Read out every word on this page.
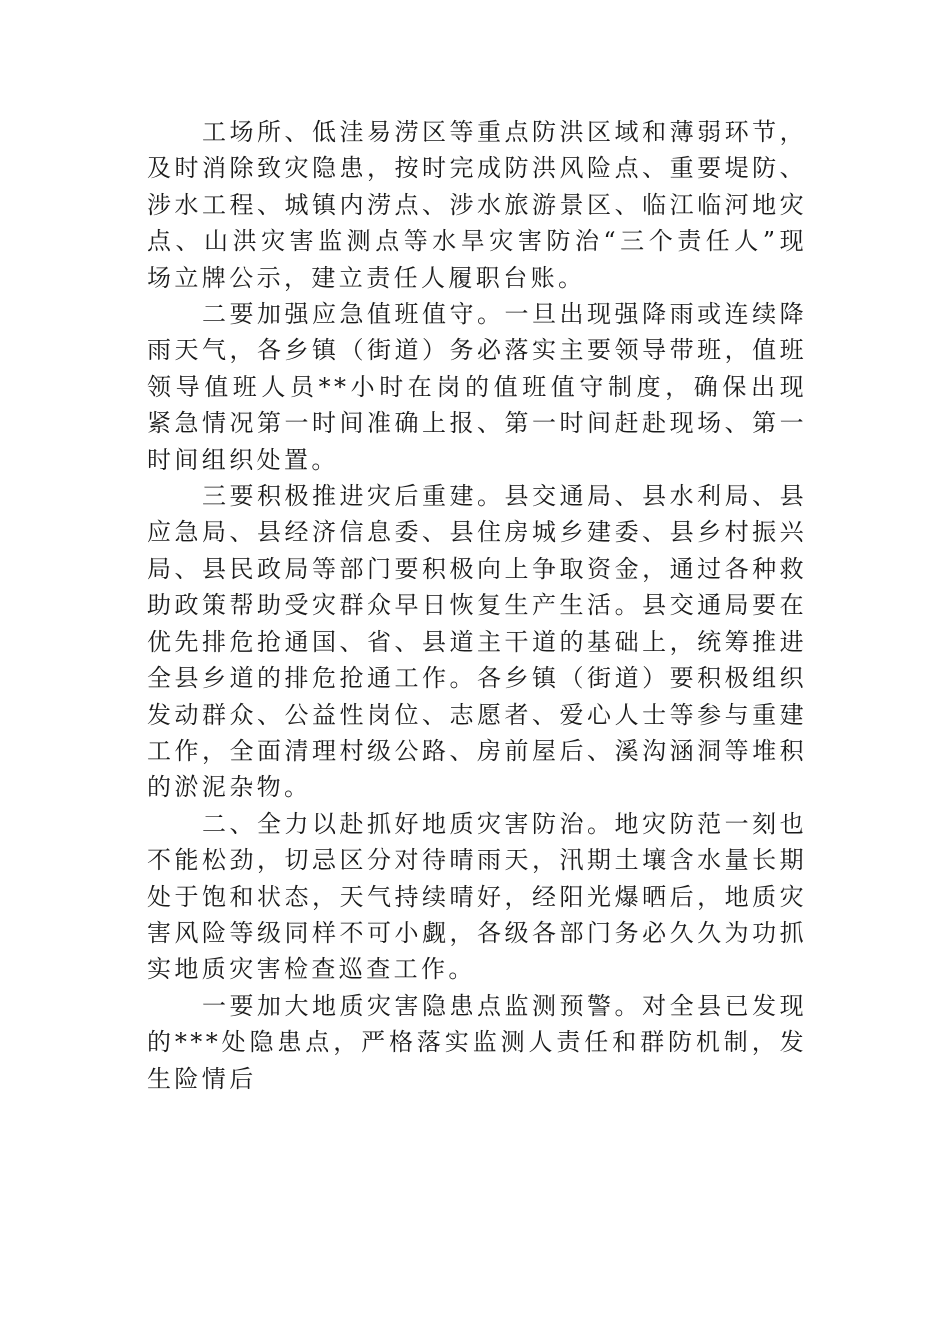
工场所、低洼易涝区等重点防洪区域和薄弱环节，及时消除致灾隐患，按时完成防洪风险点、重要堤防、涉水工程、城镇内涝点、涉水旅游景区、临江临河地灾点、山洪灾害监测点等水旱灾害防治“三个责任人”现场立牌公示，建立责任人履职台账。

二要加强应急值班值守。一旦出现强降雨或连续降雨天气，各乡镇（街道）务必落实主要领导带班，值班领导值班人员**小时在岗的值班值守制度，确保出现紧急情况第一时间准确上报、第一时间赶赴现场、第一时间组织处置。

三要积极推进灾后重建。县交通局、县水利局、县应急局、县经济信息委、县住房城乡建委、县乡村振兴局、县民政局等部门要积极向上争取资金，通过各种救助政策帮助受灾群众早日恢复生产生活。县交通局要在优先排危抢通国、省、县道主干道的基础上，统筹推进全县乡道的排危抢通工作。各乡镇（街道）要积极组织发动群众、公益性岗位、志愿者、爱心人士等参与重建工作，全面清理村级公路、房前屋后、溪沟涵洞等堆积的淤泥杂物。

二、全力以赴抓好地质灾害防治。地灾防范一刻也不能松劲，切忌区分对待晴雨天，汛期土壤含水量长期处于饱和状态，天气持续晴好，经阳光爆晒后，地质灾害风险等级同样不可小觑，各级各部门务必久久为功抓实地质灾害检查巡查工作。

一要加大地质灾害隐患点监测预警。对全县已发现的***处隐患点，严格落实监测人责任和群防机制，发生险情后
